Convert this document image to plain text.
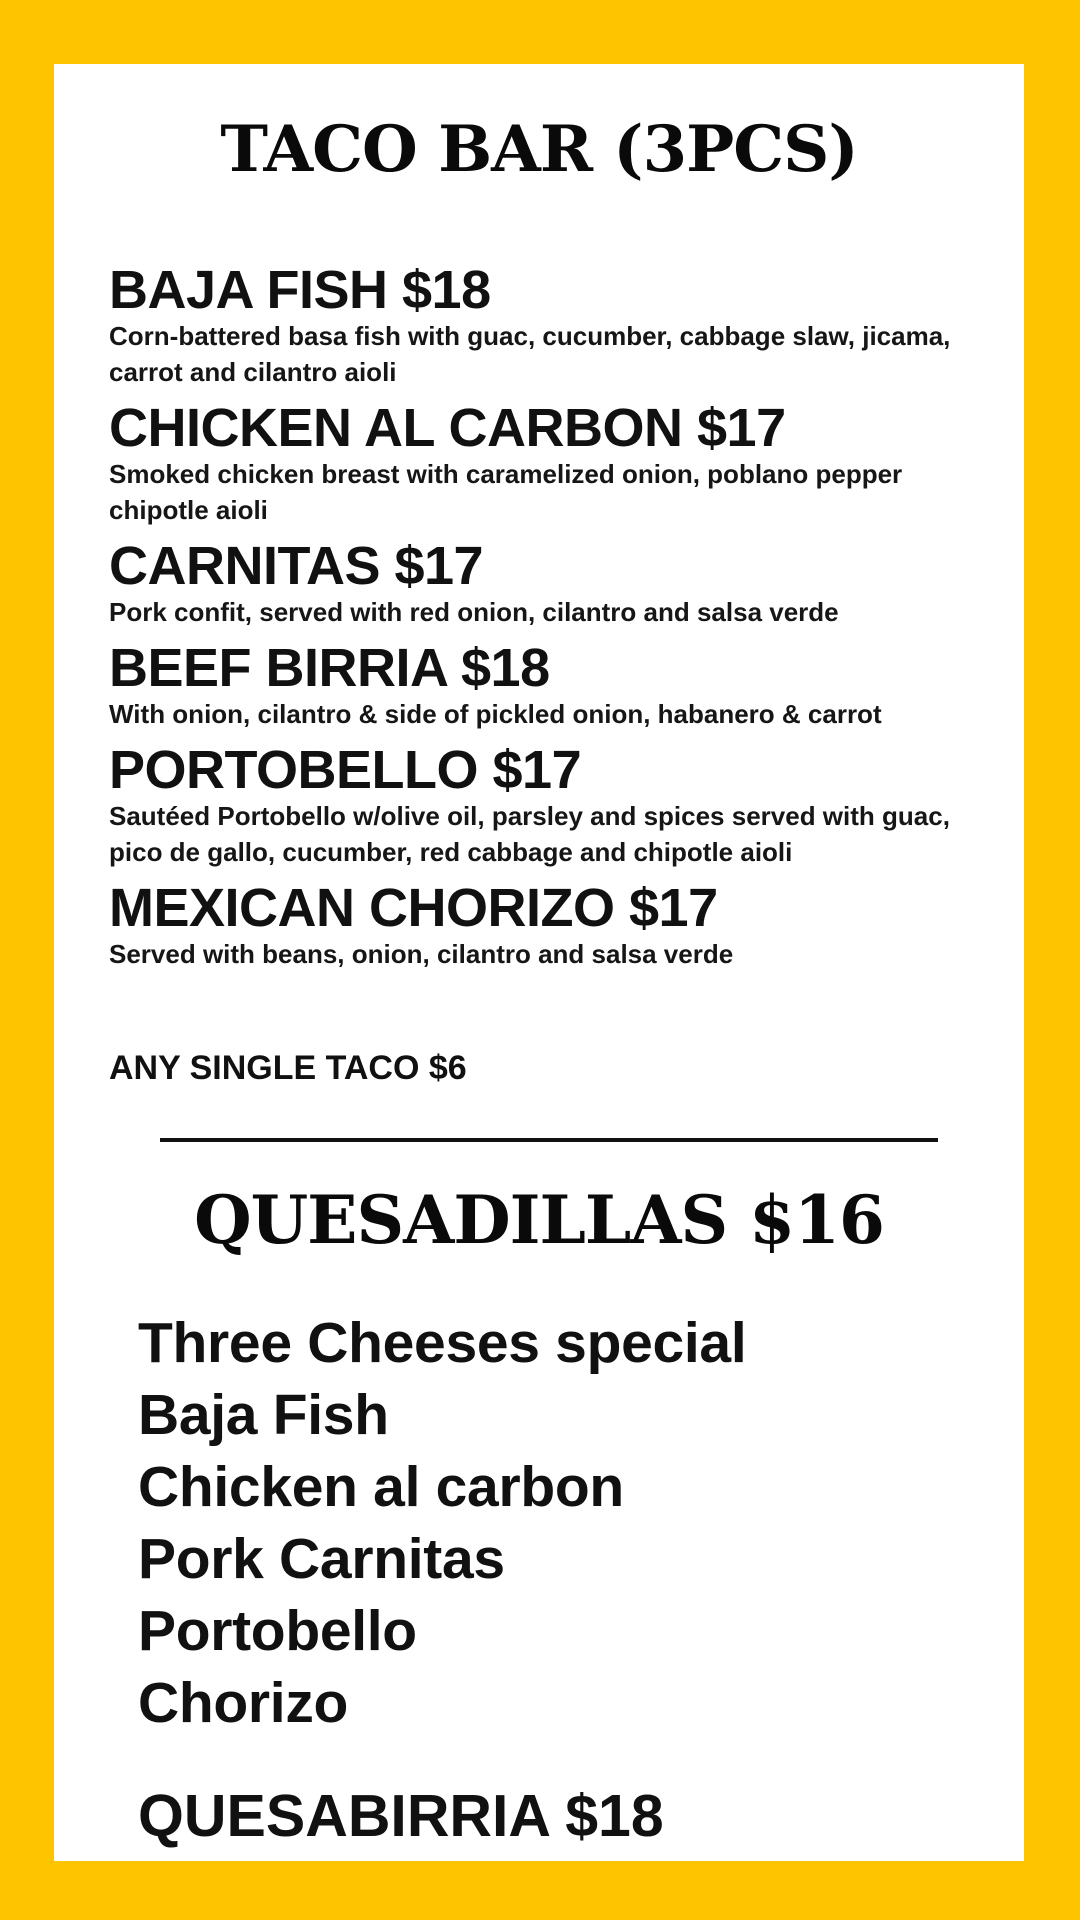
TACO BAR (3PCS)
BAJA FISH $18
Corn-battered basa fish with guac, cucumber, cabbage slaw, jicama, carrot and cilantro aioli
CHICKEN AL CARBON $17
Smoked chicken breast with caramelized onion, poblano pepper chipotle aioli
CARNITAS $17
Pork confit, served with red onion, cilantro and salsa verde
BEEF BIRRIA $18
With onion, cilantro & side of pickled onion, habanero & carrot
PORTOBELLO $17
Sautéed Portobello w/olive oil, parsley and spices served with guac, pico de gallo, cucumber, red cabbage and chipotle aioli
MEXICAN CHORIZO $17
Served with beans, onion, cilantro and salsa verde
ANY SINGLE TACO $6
QUESADILLAS $16
Three Cheeses special
Baja Fish
Chicken al carbon
Pork Carnitas
Portobello
Chorizo
QUESABIRRIA $18
